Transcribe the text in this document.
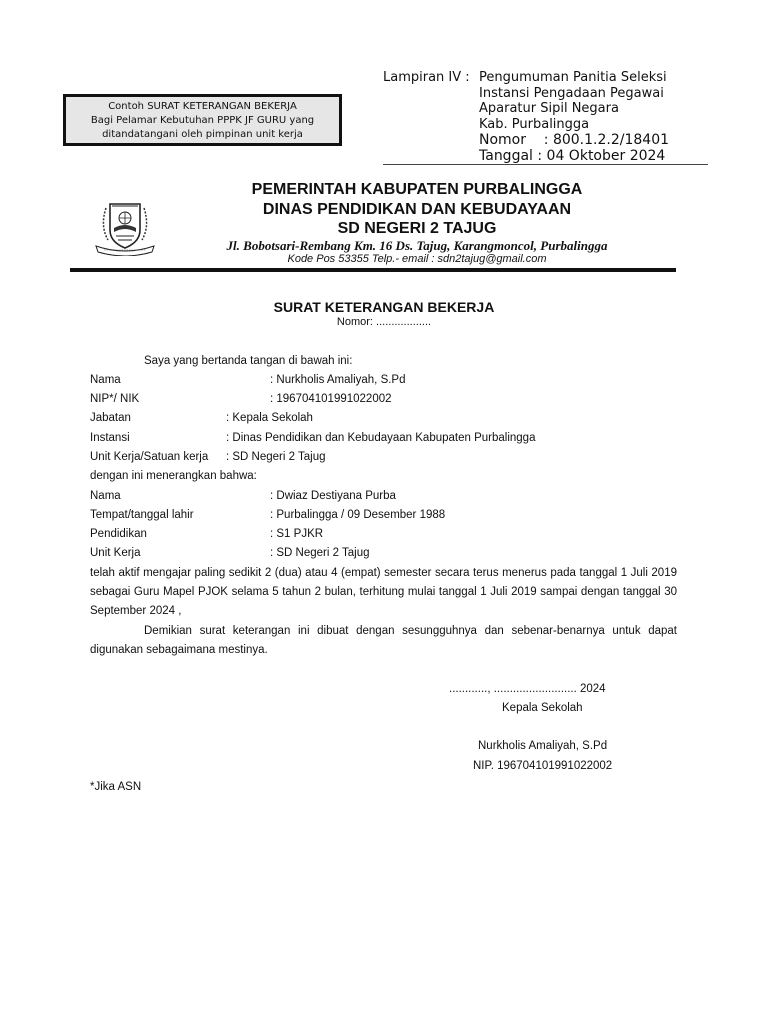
Lampiran IV : Pengumuman Panitia Seleksi
Instansi Pengadaan Pegawai
Aparatur Sipil Negara
Kab. Purbalingga
Nomor    : 800.1.2.2/18401
Tanggal : 04 Oktober 2024
Contoh SURAT KETERANGAN BEKERJA
Bagi Pelamar Kebutuhan PPPK JF GURU yang
ditandatangani oleh pimpinan unit kerja
PEMERINTAH KABUPATEN PURBALINGGA
DINAS PENDIDIKAN DAN KEBUDAYAAN
SD NEGERI 2 TAJUG
Jl. Bobotsari-Rembang Km. 16 Ds. Tajug, Karangmoncol, Purbalingga
Kode Pos 53355 Telp.- email : sdn2tajug@gmail.com
SURAT KETERANGAN BEKERJA
Nomor: ..................
Saya yang bertanda tangan di bawah ini:
Nama	: Nurkholis Amaliyah, S.Pd
NIP*/ NIK	: 196704101991022002
Jabatan	: Kepala Sekolah
Instansi	: Dinas Pendidikan dan Kebudayaan Kabupaten Purbalingga
Unit Kerja/Satuan kerja : SD Negeri 2 Tajug
dengan ini menerangkan bahwa:
Nama	: Dwiaz Destiyana Purba
Tempat/tanggal lahir	: Purbalingga / 09 Desember 1988
Pendidikan	: S1 PJKR
Unit Kerja	: SD Negeri 2 Tajug
telah aktif mengajar paling sedikit 2 (dua) atau 4 (empat) semester secara terus menerus pada tanggal 1 Juli 2019 sebagai Guru Mapel PJOK selama 5 tahun 2 bulan, terhitung mulai tanggal 1 Juli 2019 sampai dengan tanggal 30 September 2024 ,
Demikian surat keterangan ini dibuat dengan sesungguhnya dan sebenar-benarnya untuk dapat digunakan sebagaimana mestinya.
............, .......................... 2024
Kepala Sekolah
Nurkholis Amaliyah, S.Pd
NIP. 196704101991022002
*Jika ASN
